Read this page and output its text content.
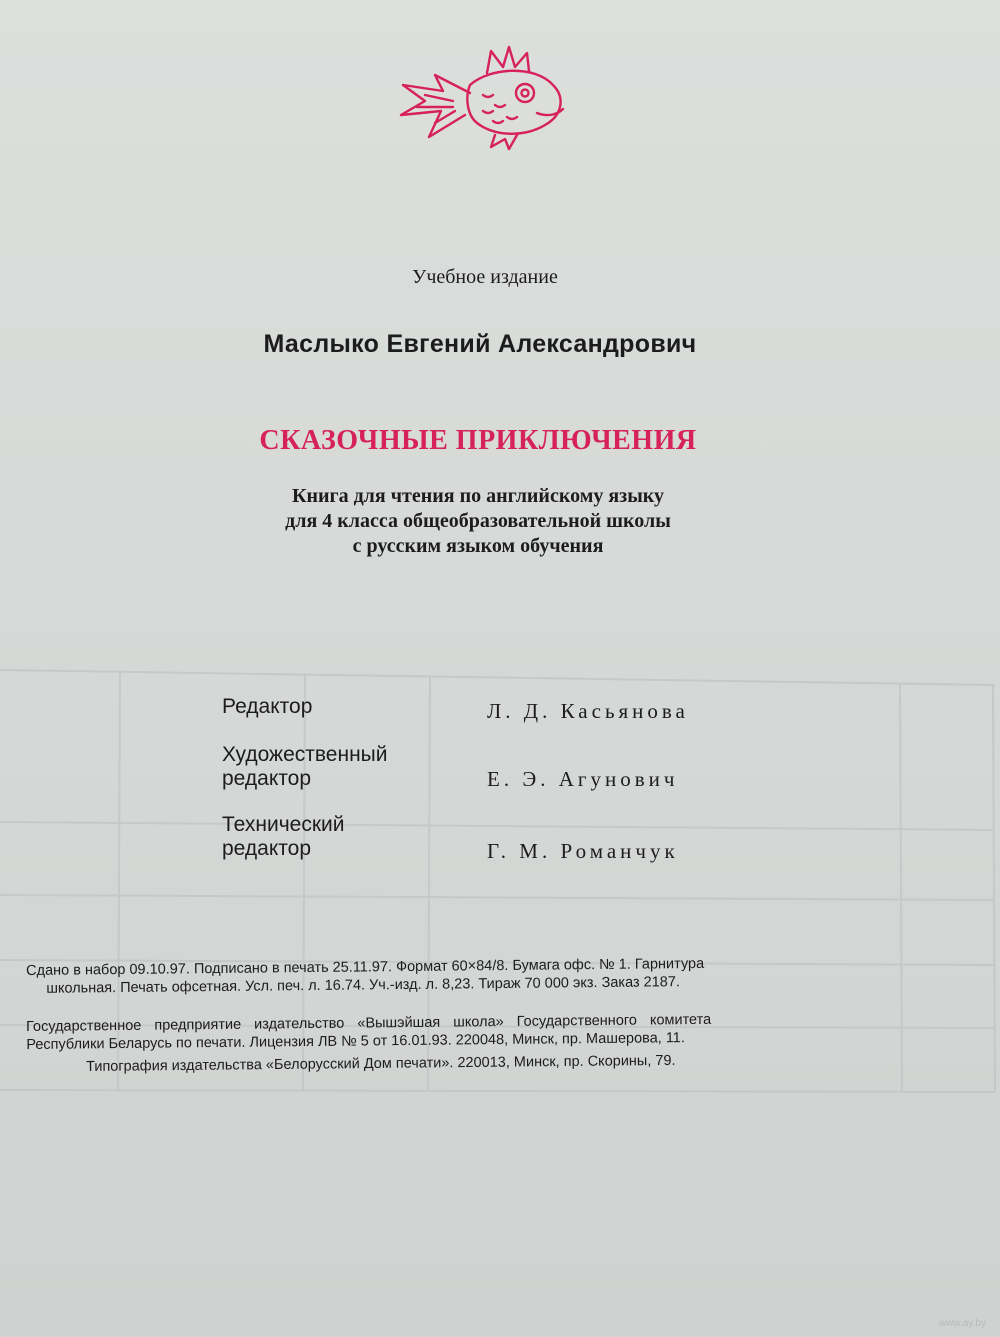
Учебное издание
Маслыко Евгений Александрович
СКАЗОЧНЫЕ ПРИКЛЮЧЕНИЯ
Книга для чтения по английскому языку
для 4 класса общеобразовательной школы
с русским языком обучения
Редактор	Л. Д. Касьянова
Художественный
редактор	Е. Э. Агунович
Технический
редактор	Г. М. Романчук
Сдано в набор 09.10.97. Подписано в печать 25.11.97. Формат 60×84/8. Бумага офс. № 1. Гарнитура
школьная. Печать офсетная. Усл. печ. л. 16.74. Уч.-изд. л. 8,23. Тираж 70 000 экз. Заказ 2187.
Государственное предприятие издательство «Вышэйшая школа» Государственного комитета
Республики Беларусь по печати. Лицензия ЛВ № 5 от 16.01.93. 220048, Минск, пр. Машерова, 11.
Типография издательства «Белорусский Дом печати». 220013, Минск, пр. Скорины, 79.
www.ay.by
